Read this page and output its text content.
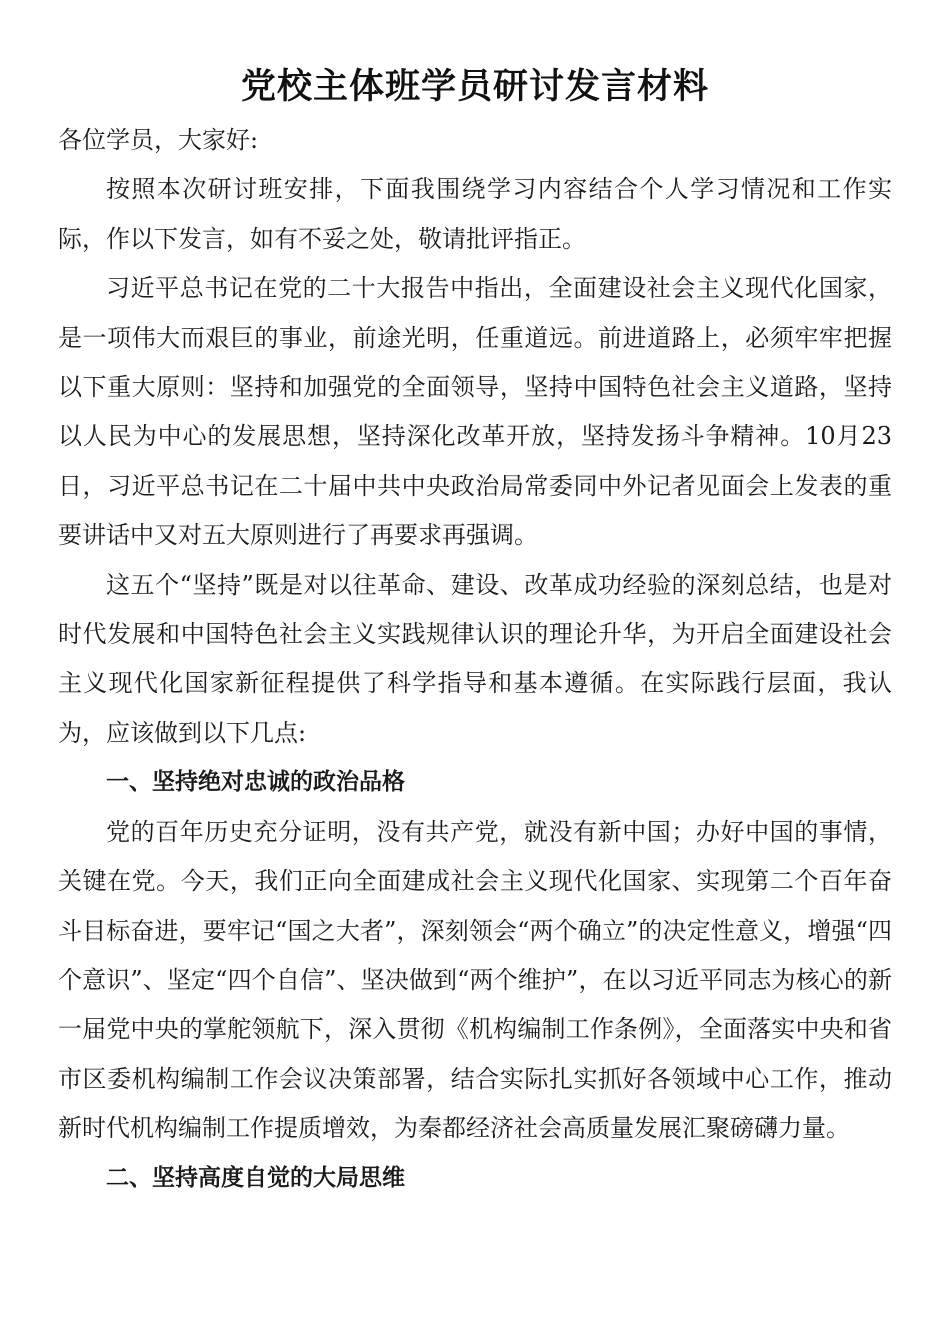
党校主体班学员研讨发言材料

各位学员，大家好:

按照本次研讨班安排，下面我围绕学习内容结合个人学习情况和工作实际，作以下发言，如有不妥之处，敬请批评指正。

习近平总书记在党的二十大报告中指出，全面建设社会主义现代化国家，是一项伟大而艰巨的事业，前途光明，任重道远。前进道路上，必须牢牢把握以下重大原则：坚持和加强党的全面领导，坚持中国特色社会主义道路，坚持以人民为中心的发展思想，坚持深化改革开放，坚持发扬斗争精神。10月23日，习近平总书记在二十届中共中央政治局常委同中外记者见面会上发表的重要讲话中又对五大原则进行了再要求再强调。

这五个“坚持”既是对以往革命、建设、改革成功经验的深刻总结，也是对时代发展和中国特色社会主义实践规律认识的理论升华，为开启全面建设社会主义现代化国家新征程提供了科学指导和基本遵循。在实际践行层面，我认为，应该做到以下几点:

一、坚持绝对忠诚的政治品格

党的百年历史充分证明，没有共产党，就没有新中国；办好中国的事情，关键在党。今天，我们正向全面建成社会主义现代化国家、实现第二个百年奋斗目标奋进，要牢记“国之大者”，深刻领会“两个确立”的决定性意义，增强“四个意识”、坚定“四个自信”、坚决做到“两个维护”，在以习近平同志为核心的新一届党中央的掌舵领航下，深入贯彻《机构编制工作条例》，全面落实中央和省市区委机构编制工作会议决策部署，结合实际扎实抓好各领域中心工作，推动新时代机构编制工作提质增效，为秦都经济社会高质量发展汇聚磅礴力量。

二、坚持高度自觉的大局思维
